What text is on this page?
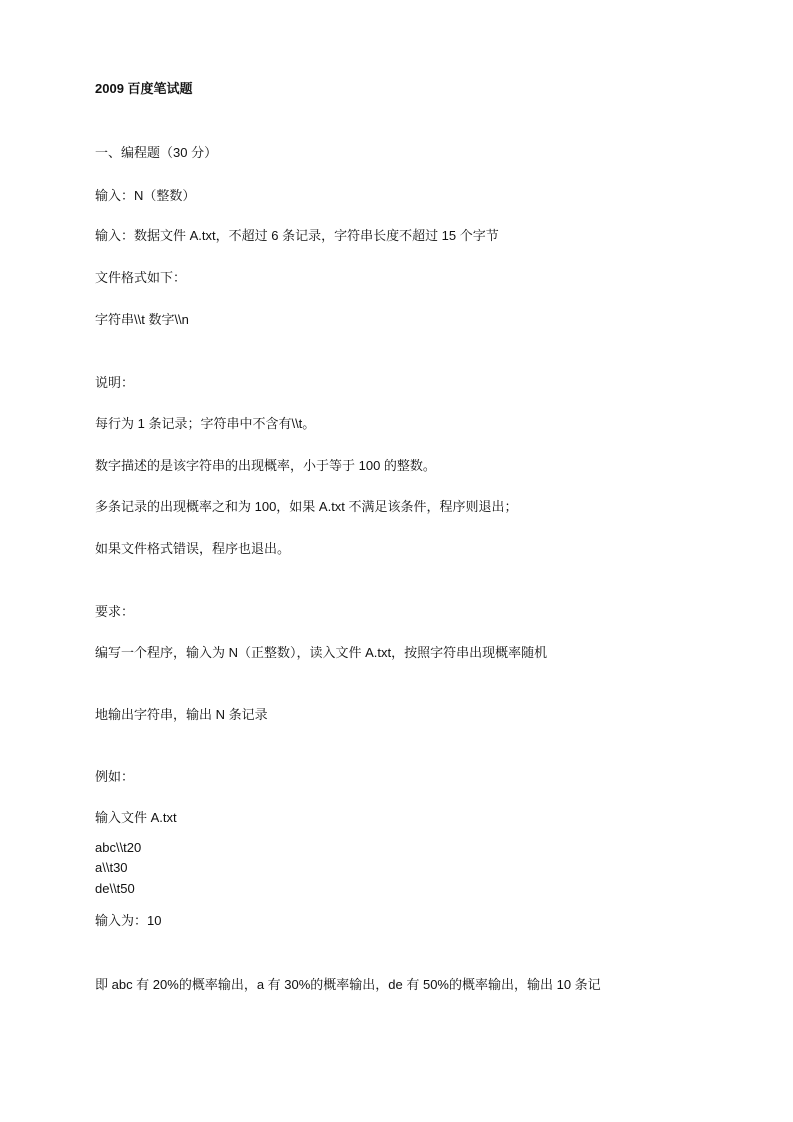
2009 百度笔试题
一、编程题（30 分）
输入：N（整数）
输入：数据文件 A.txt，不超过 6 条记录，字符串长度不超过 15 个字节
文件格式如下：
字符串\\t 数字\\n
说明：
每行为 1 条记录；字符串中不含有\\t。
数字描述的是该字符串的出现概率，小于等于 100 的整数。
多条记录的出现概率之和为 100，如果 A.txt 不满足该条件，程序则退出；
如果文件格式错误，程序也退出。
要求：
编写一个程序，输入为 N（正整数），读入文件 A.txt，按照字符串出现概率随机
地输出字符串，输出 N 条记录
例如：
输入文件 A.txt
abc\\t20
a\\t30
de\\t50
输入为：10
即 abc 有 20%的概率输出，a 有 30%的概率输出，de 有 50%的概率输出，输出 10 条记
